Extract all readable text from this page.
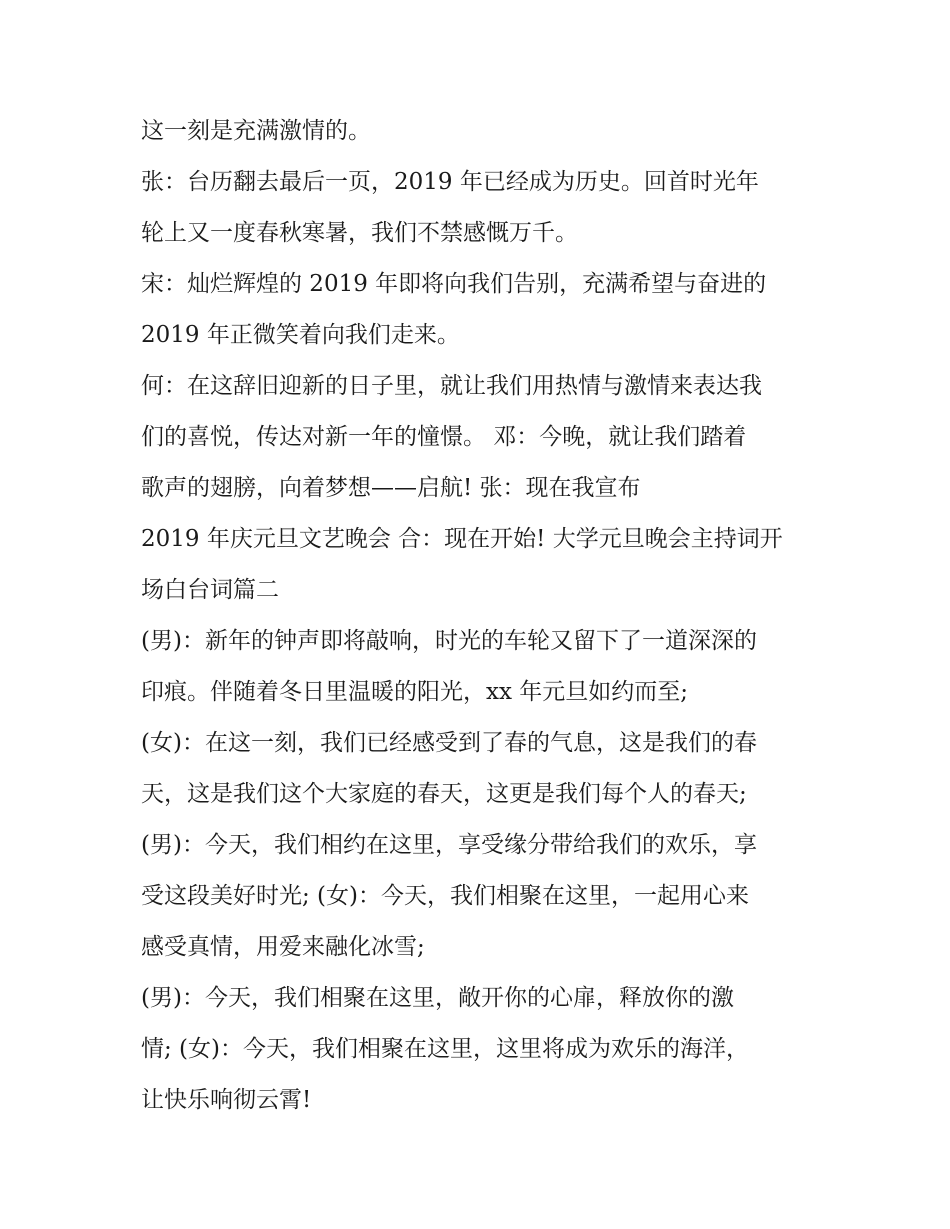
这一刻是充满激情的。
张：台历翻去最后一页，2019 年已经成为历史。回首时光年
轮上又一度春秋寒暑，我们不禁感慨万千。
宋：灿烂辉煌的 2019 年即将向我们告别，充满希望与奋进的
2019 年正微笑着向我们走来。
何：在这辞旧迎新的日子里，就让我们用热情与激情来表达我
们的喜悦，传达对新一年的憧憬。 邓：今晚，就让我们踏着
歌声的翅膀，向着梦想——启航! 张：现在我宣布
2019 年庆元旦文艺晚会 合：现在开始! 大学元旦晚会主持词开
场白台词篇二
(男)：新年的钟声即将敲响，时光的车轮又留下了一道深深的
印痕。伴随着冬日里温暖的阳光，xx 年元旦如约而至;
(女)：在这一刻，我们已经感受到了春的气息，这是我们的春
天，这是我们这个大家庭的春天，这更是我们每个人的春天;
(男)：今天，我们相约在这里，享受缘分带给我们的欢乐，享
受这段美好时光; (女)：今天，我们相聚在这里，一起用心来
感受真情，用爱来融化冰雪;
(男)：今天，我们相聚在这里，敞开你的心扉，释放你的激
情; (女)：今天，我们相聚在这里，这里将成为欢乐的海洋，
让快乐响彻云霄!
